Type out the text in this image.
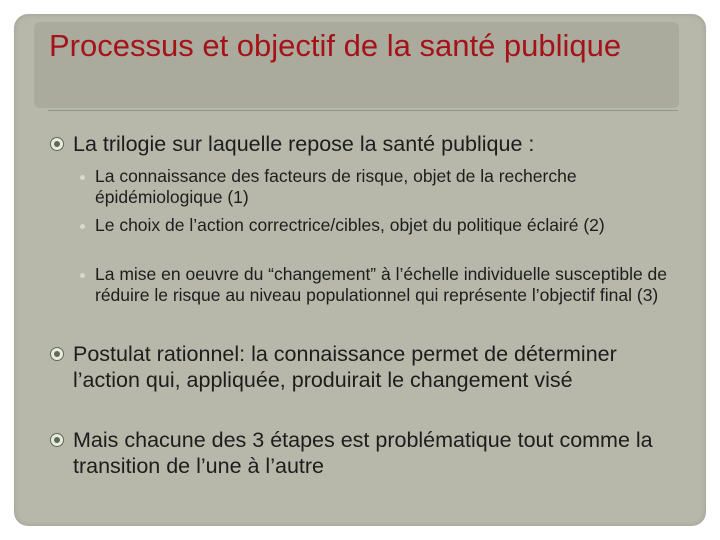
Processus et objectif de la santé publique
La trilogie sur laquelle repose la santé publique :
La connaissance des facteurs de risque, objet de la recherche épidémiologique (1)
Le choix de l’action correctrice/cibles, objet du politique éclairé (2)
La mise en oeuvre du “changement” à l’échelle individuelle susceptible de réduire le risque au niveau populationnel qui représente l’objectif final (3)
Postulat rationnel: la connaissance permet de déterminer l’action qui, appliquée, produirait le changement visé
Mais chacune des 3 étapes est problématique tout comme la transition de l’une à l’autre
